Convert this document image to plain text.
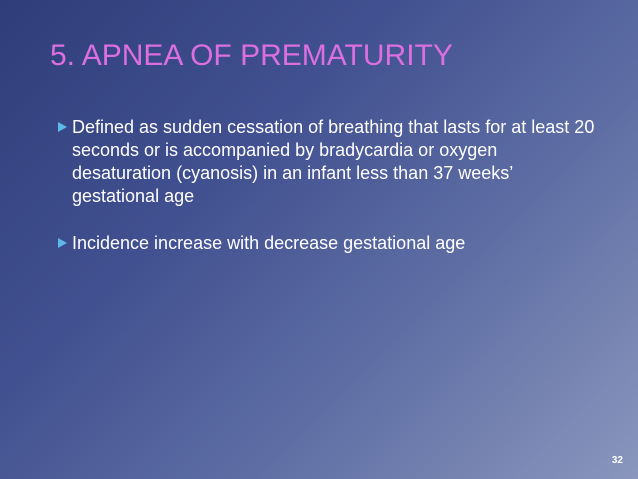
5. APNEA OF PREMATURITY
Defined as sudden cessation of breathing that lasts for at least 20 seconds or is accompanied by bradycardia or oxygen desaturation (cyanosis) in an infant less than 37 weeks’ gestational age
Incidence increase with decrease gestational age
32
